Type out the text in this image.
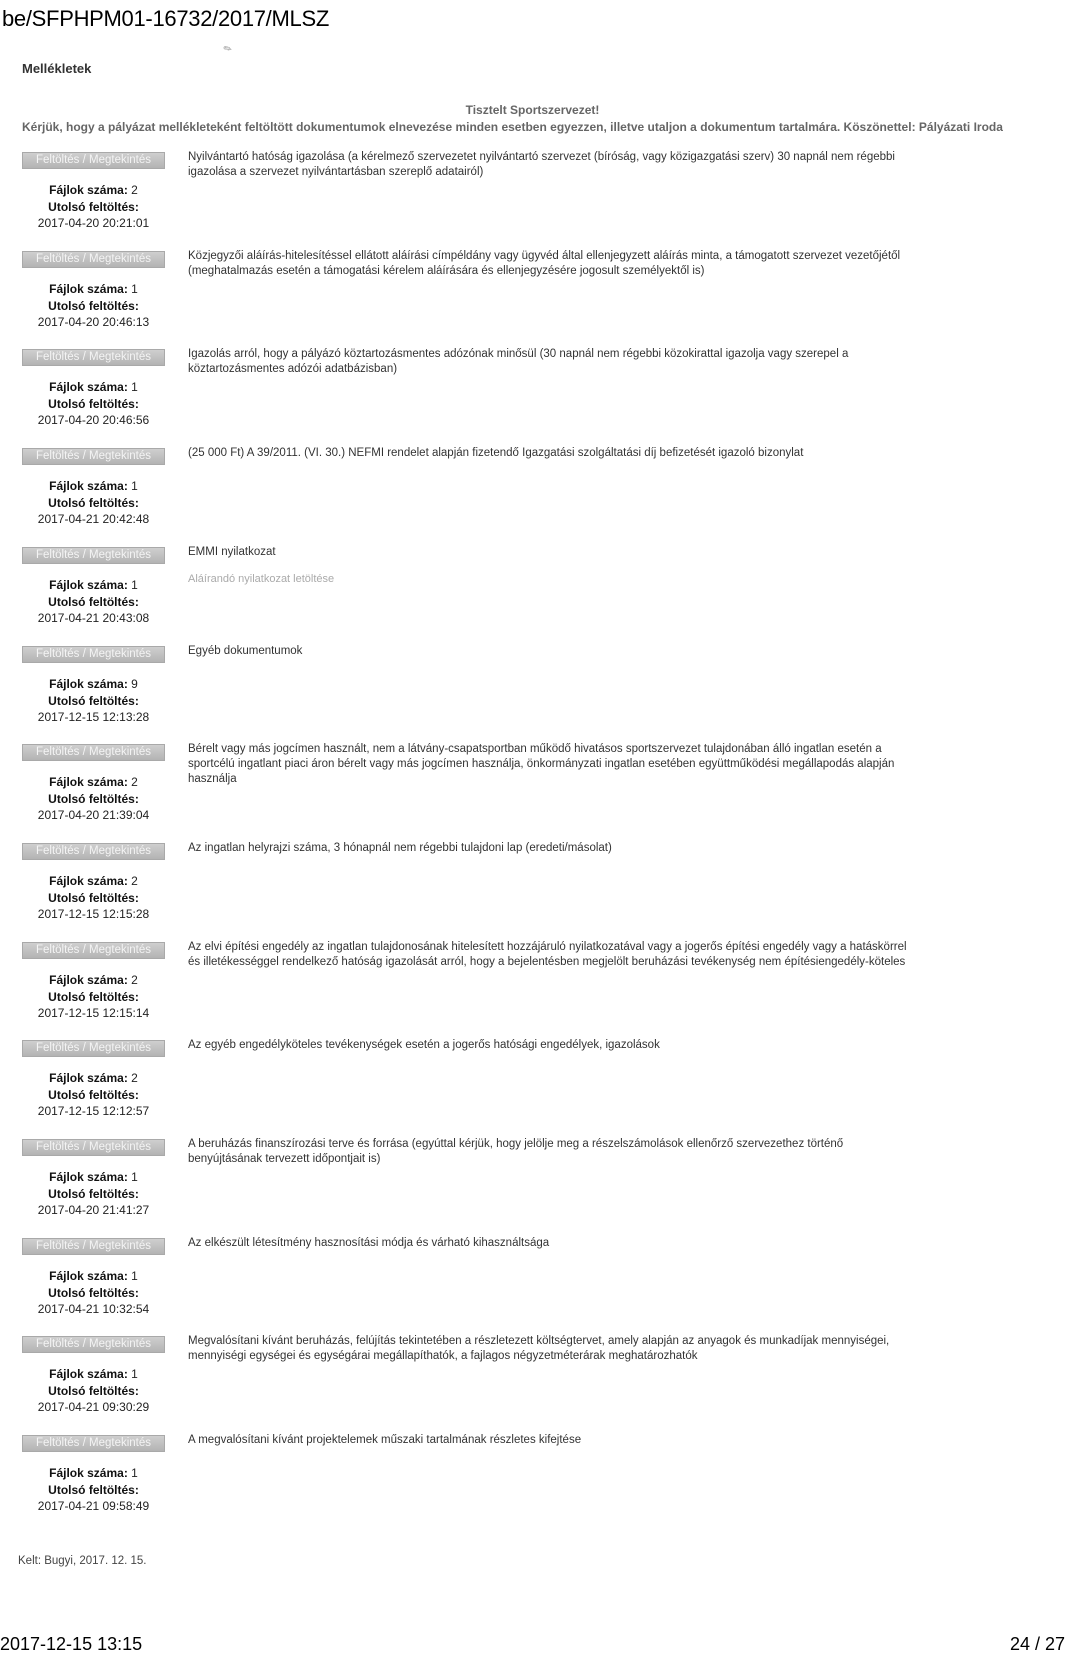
be/SFPHPM01-16732/2017/MLSZ
✎
Mellékletek
Tisztelt Sportszervezet!
Kérjük, hogy a pályázat mellékleteként feltöltött dokumentumok elnevezése minden esetben egyezzen, illetve utaljon a dokumentum tartalmára. Köszönettel: Pályázati Iroda
Feltöltés / Megtekintés
Fájlok száma: 2
Utolsó feltöltés:
2017-04-20 20:21:01
Nyilvántartó hatóság igazolása (a kérelmező szervezetet nyilvántartó szervezet (bíróság, vagy közigazgatási szerv) 30 napnál nem régebbi igazolása a szervezet nyilvántartásban szereplő adatairól)
Feltöltés / Megtekintés
Fájlok száma: 1
Utolsó feltöltés:
2017-04-20 20:46:13
Közjegyzői aláírás-hitelesítéssel ellátott aláírási címpéldány vagy ügyvéd által ellenjegyzett aláírás minta, a támogatott szervezet vezetőjétől (meghatalmazás esetén a támogatási kérelem aláírására és ellenjegyzésére jogosult személyektől is)
Feltöltés / Megtekintés
Fájlok száma: 1
Utolsó feltöltés:
2017-04-20 20:46:56
Igazolás arról, hogy a pályázó köztartozásmentes adózónak minősül (30 napnál nem régebbi közokirattal igazolja vagy szerepel a köztartozásmentes adózói adatbázisban)
Feltöltés / Megtekintés
Fájlok száma: 1
Utolsó feltöltés:
2017-04-21 20:42:48
(25 000 Ft) A 39/2011. (VI. 30.) NEFMI rendelet alapján fizetendő Igazgatási szolgáltatási díj befizetését igazoló bizonylat
Feltöltés / Megtekintés
Fájlok száma: 1
Utolsó feltöltés:
2017-04-21 20:43:08
EMMI nyilatkozat
Aláírandó nyilatkozat letöltése
Feltöltés / Megtekintés
Fájlok száma: 9
Utolsó feltöltés:
2017-12-15 12:13:28
Egyéb dokumentumok
Feltöltés / Megtekintés
Fájlok száma: 2
Utolsó feltöltés:
2017-04-20 21:39:04
Bérelt vagy más jogcímen használt, nem a látvány-csapatsportban működő hivatásos sportszervezet tulajdonában álló ingatlan esetén a sportcélú ingatlant piaci áron bérelt vagy más jogcímen használja, önkormányzati ingatlan esetében együttműködési megállapodás alapján használja
Feltöltés / Megtekintés
Fájlok száma: 2
Utolsó feltöltés:
2017-12-15 12:15:28
Az ingatlan helyrajzi száma, 3 hónapnál nem régebbi tulajdoni lap (eredeti/másolat)
Feltöltés / Megtekintés
Fájlok száma: 2
Utolsó feltöltés:
2017-12-15 12:15:14
Az elvi építési engedély az ingatlan tulajdonosának hitelesített hozzájáruló nyilatkozatával vagy a jogerős építési engedély vagy a hatáskörrel és illetékességgel rendelkező hatóság igazolását arról, hogy a bejelentésben megjelölt beruházási tevékenység nem építésiengedély-köteles
Feltöltés / Megtekintés
Fájlok száma: 2
Utolsó feltöltés:
2017-12-15 12:12:57
Az egyéb engedélyköteles tevékenységek esetén a jogerős hatósági engedélyek, igazolások
Feltöltés / Megtekintés
Fájlok száma: 1
Utolsó feltöltés:
2017-04-20 21:41:27
A beruházás finanszírozási terve és forrása (egyúttal kérjük, hogy jelölje meg a részelszámolások ellenőrző szervezethez történő benyújtásának tervezett időpontjait is)
Feltöltés / Megtekintés
Fájlok száma: 1
Utolsó feltöltés:
2017-04-21 10:32:54
Az elkészült létesítmény hasznosítási módja és várható kihasználtsága
Feltöltés / Megtekintés
Fájlok száma: 1
Utolsó feltöltés:
2017-04-21 09:30:29
Megvalósítani kívánt beruházás, felújítás tekintetében a részletezett költségtervet, amely alapján az anyagok és munkadíjak mennyiségei, mennyiségi egységei és egységárai megállapíthatók, a fajlagos négyzetméterárak meghatározhatók
Feltöltés / Megtekintés
Fájlok száma: 1
Utolsó feltöltés:
2017-04-21 09:58:49
A megvalósítani kívánt projektelemek műszaki tartalmának részletes kifejtése
Kelt: Bugyi, 2017. 12. 15.
2017-12-15 13:15	24 / 27
